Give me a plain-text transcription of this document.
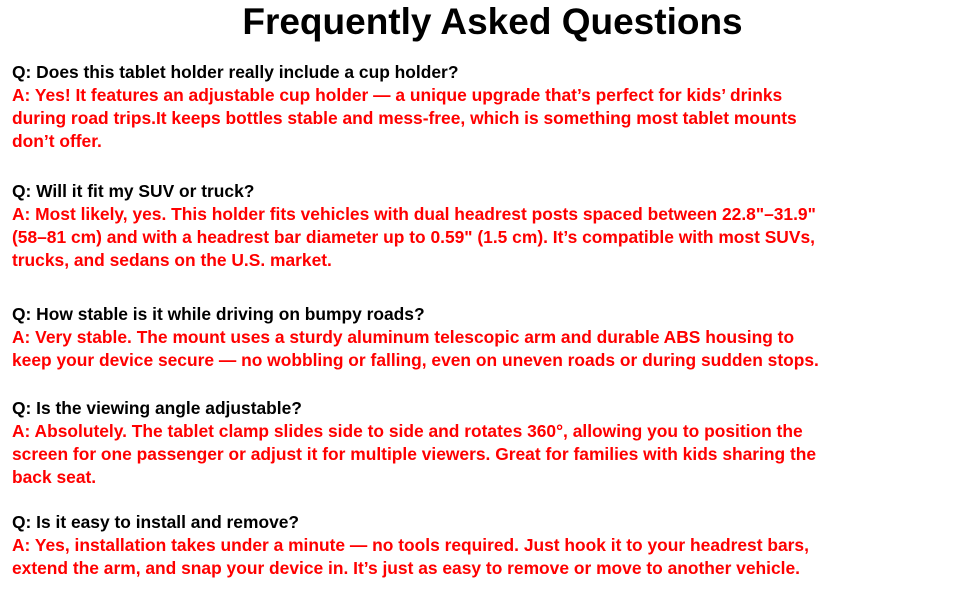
Frequently Asked Questions

Q: Does this tablet holder really include a cup holder?

A: Yes! It features an adjustable cup holder — a unique upgrade that’s perfect for kids’ drinks
during road trips.It keeps bottles stable and mess-free, which is something most tablet mounts
don’t offer.

Q: Will it fit my SUV or truck?

A: Most likely, yes. This holder fits vehicles with dual headrest posts spaced between 22.8"–31.9"
(58–81 cm) and with a headrest bar diameter up to 0.59" (1.5 cm). It’s compatible with most SUVs,
trucks, and sedans on the U.S. market.

Q: How stable is it while driving on bumpy roads?

A: Very stable. The mount uses a sturdy aluminum telescopic arm and durable ABS housing to
keep your device secure — no wobbling or falling, even on uneven roads or during sudden stops.

Q: Is the viewing angle adjustable?

A: Absolutely. The tablet clamp slides side to side and rotates 360°, allowing you to position the
screen for one passenger or adjust it for multiple viewers. Great for families with kids sharing the
back seat.

Q: Is it easy to install and remove?

A: Yes, installation takes under a minute — no tools required. Just hook it to your headrest bars,
extend the arm, and snap your device in. It’s just as easy to remove or move to another vehicle.
